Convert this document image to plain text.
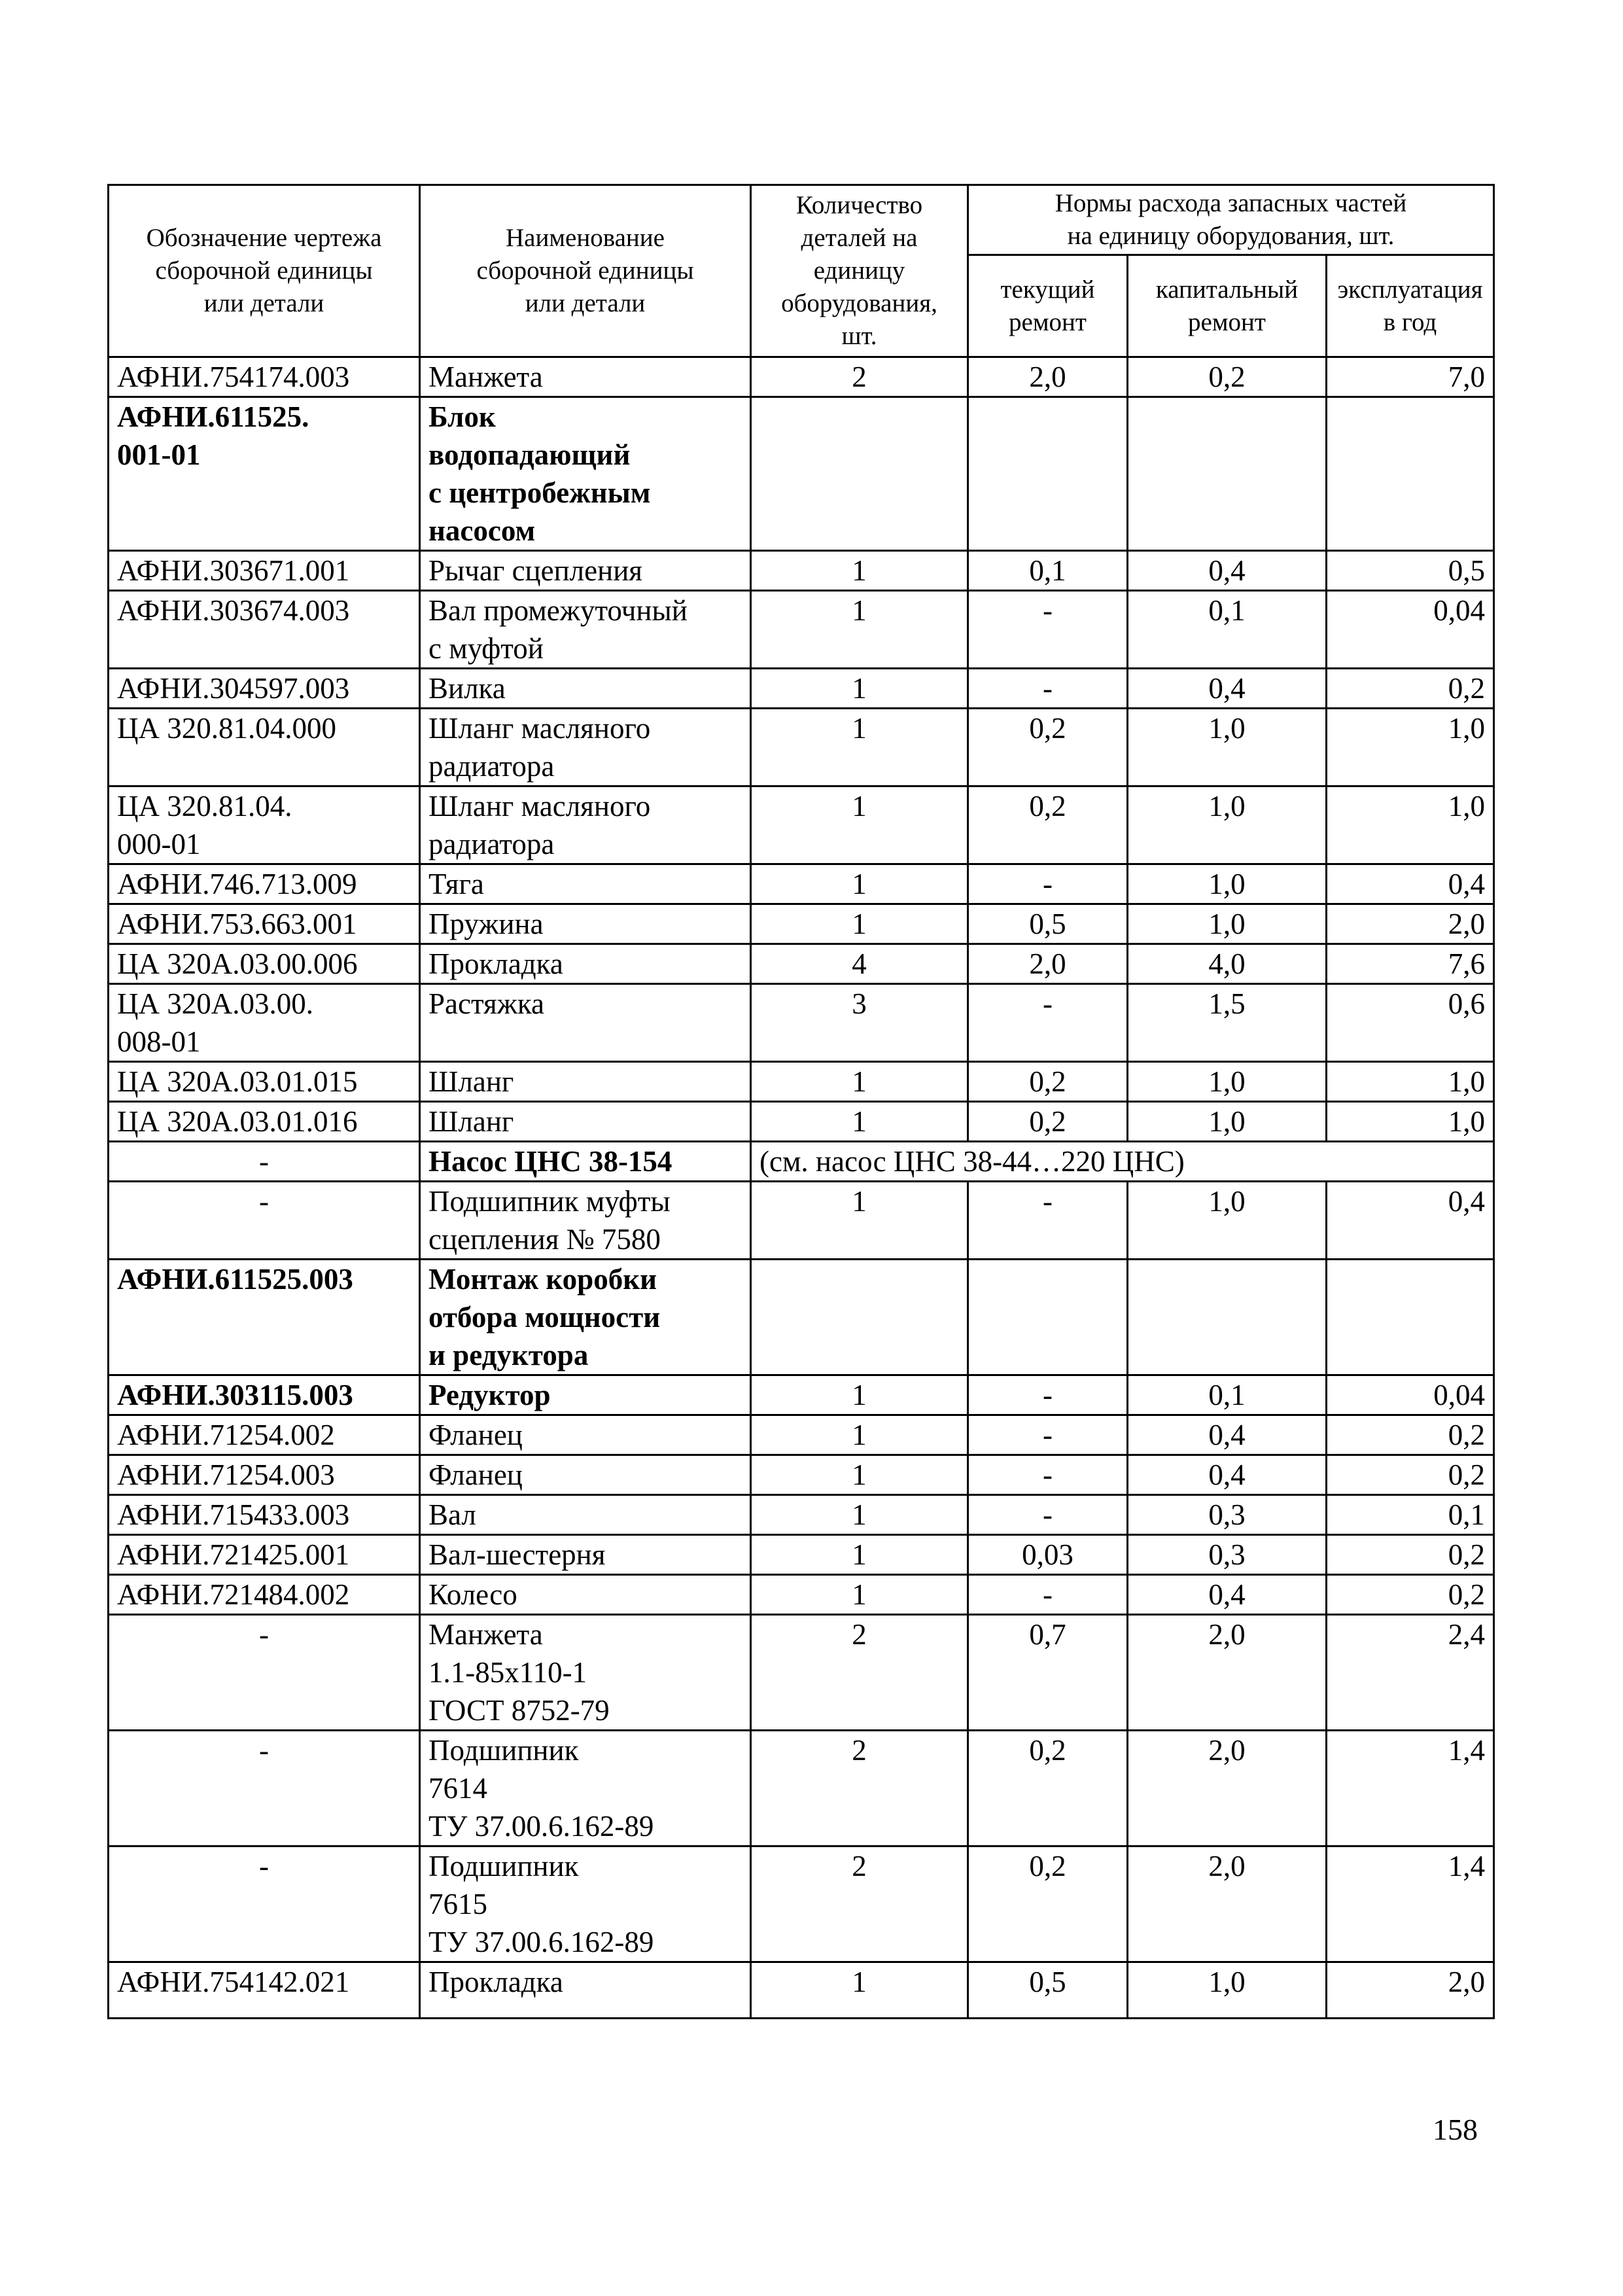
Обозначение чертежа
сборочной единицы
или детали	Наименование
сборочной единицы
или детали	Количество
деталей на
единицу
оборудования,
шт.	Нормы расхода запасных частей
на единицу оборудования, шт.		
			текущий
ремонт	капитальный
ремонт	эксплуатация
в год
АФНИ.754174.003	Манжета	2	2,0	0,2	7,0
АФНИ.611525.
001-01	Блок
водопадающий
с центробежным
насосом				
АФНИ.303671.001	Рычаг сцепления	1	0,1	0,4	0,5
АФНИ.303674.003	Вал промежуточный
с муфтой	1	-	0,1	0,04
АФНИ.304597.003	Вилка	1	-	0,4	0,2
ЦА 320.81.04.000	Шланг масляного
радиатора	1	0,2	1,0	1,0
ЦА 320.81.04.
000-01	Шланг масляного
радиатора	1	0,2	1,0	1,0
АФНИ.746.713.009	Тяга	1	-	1,0	0,4
АФНИ.753.663.001	Пружина	1	0,5	1,0	2,0
ЦА 320А.03.00.006	Прокладка	4	2,0	4,0	7,6
ЦА 320А.03.00.
008-01	Растяжка	3	-	1,5	0,6
ЦА 320А.03.01.015	Шланг	1	0,2	1,0	1,0
ЦА 320А.03.01.016	Шланг	1	0,2	1,0	1,0
-	Насос ЦНС 38-154	(см. насос ЦНС 38-44…220 ЦНС)			
-	Подшипник муфты
сцепления № 7580	1	-	1,0	0,4
АФНИ.611525.003	Монтаж коробки
отбора мощности
и редуктора				
АФНИ.303115.003	Редуктор	1	-	0,1	0,04
АФНИ.71254.002	Фланец	1	-	0,4	0,2
АФНИ.71254.003	Фланец	1	-	0,4	0,2
АФНИ.715433.003	Вал	1	-	0,3	0,1
АФНИ.721425.001	Вал-шестерня	1	0,03	0,3	0,2
АФНИ.721484.002	Колесо	1	-	0,4	0,2
-	Манжета
1.1-85х110-1
ГОСТ 8752-79	2	0,7	2,0	2,4
-	Подшипник
7614
ТУ 37.00.6.162-89	2	0,2	2,0	1,4
-	Подшипник
7615
ТУ 37.00.6.162-89	2	0,2	2,0	1,4
АФНИ.754142.021	Прокладка	1	0,5	1,0	2,0
158
